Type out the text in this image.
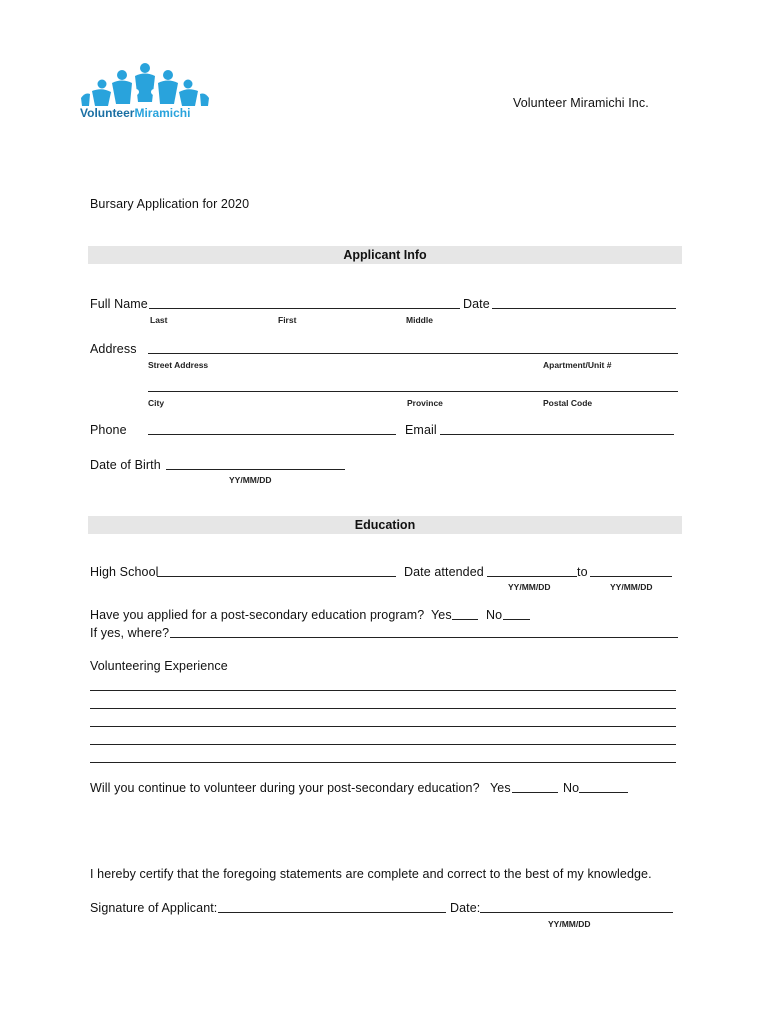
VolunteerMiramichi
Volunteer Miramichi Inc.
Bursary Application for 2020
Applicant Info
Full Name	Date
Last	First	Middle
Address
Street Address	Apartment/Unit #
City	Province	Postal Code
Phone	Email
Date of Birth
YY/MM/DD
Education
High School	Date attended	to
YY/MM/DD	YY/MM/DD
Have you applied for a post-secondary education program? Yes	No
If yes, where?
Volunteering Experience
Will you continue to volunteer during your post-secondary education? Yes	No
I hereby certify that the foregoing statements are complete and correct to the best of my knowledge.
Signature of Applicant:	Date:
YY/MM/DD
